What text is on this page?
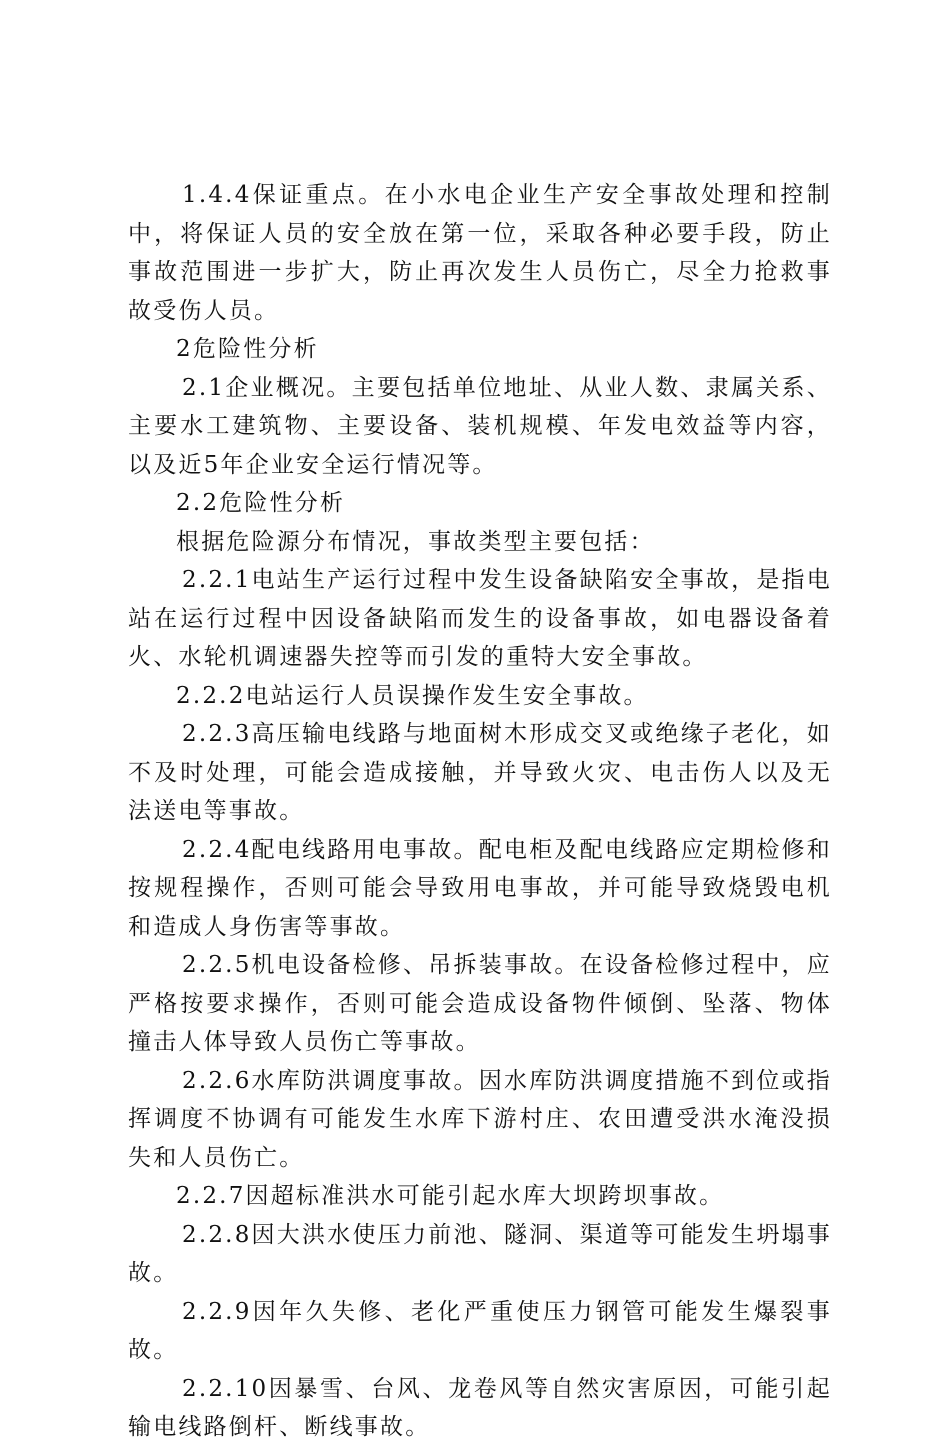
1.4.4保证重点。在小水电企业生产安全事故处理和控制中，将保证人员的安全放在第一位，采取各种必要手段，防止事故范围进一步扩大，防止再次发生人员伤亡，尽全力抢救事故受伤人员。

2危险性分析

2.1企业概况。主要包括单位地址、从业人数、隶属关系、主要水工建筑物、主要设备、装机规模、年发电效益等内容，以及近5年企业安全运行情况等。

2.2危险性分析

根据危险源分布情况，事故类型主要包括：

2.2.1电站生产运行过程中发生设备缺陷安全事故，是指电站在运行过程中因设备缺陷而发生的设备事故，如电器设备着火、水轮机调速器失控等而引发的重特大安全事故。

2.2.2电站运行人员误操作发生安全事故。

2.2.3高压输电线路与地面树木形成交叉或绝缘子老化，如不及时处理，可能会造成接触，并导致火灾、电击伤人以及无法送电等事故。

2.2.4配电线路用电事故。配电柜及配电线路应定期检修和按规程操作，否则可能会导致用电事故，并可能导致烧毁电机和造成人身伤害等事故。

2.2.5机电设备检修、吊拆装事故。在设备检修过程中，应严格按要求操作，否则可能会造成设备物件倾倒、坠落、物体撞击人体导致人员伤亡等事故。

2.2.6水库防洪调度事故。因水库防洪调度措施不到位或指挥调度不协调有可能发生水库下游村庄、农田遭受洪水淹没损失和人员伤亡。

2.2.7因超标准洪水可能引起水库大坝跨坝事故。

2.2.8因大洪水使压力前池、隧洞、渠道等可能发生坍塌事故。

2.2.9因年久失修、老化严重使压力钢管可能发生爆裂事故。

2.2.10因暴雪、台风、龙卷风等自然灾害原因，可能引起输电线路倒杆、断线事故。
